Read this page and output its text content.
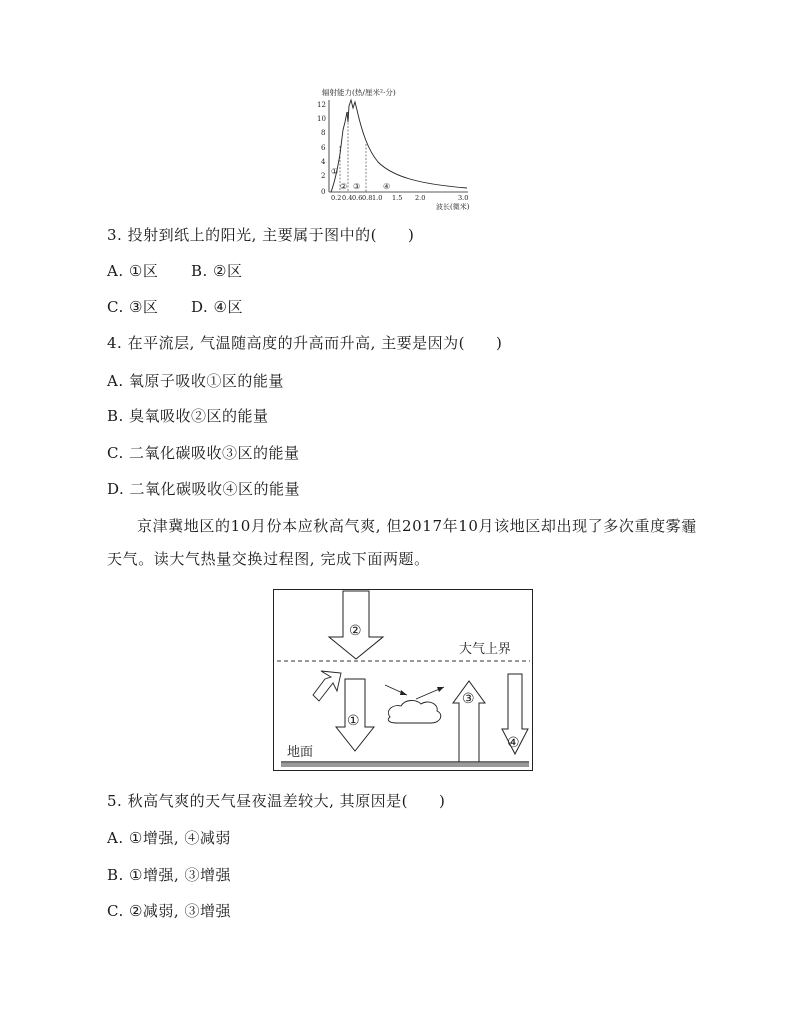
辐射能力(热/厘米²·分)
12
10
8
6
4
2
0
①
② ③	④
0.2 0.4 0.6 0.8 1.0 1.5 2.0	3.0
波长(微米)
3. 投射到纸上的阳光, 主要属于图中的(　　)
A. ①区 B. ②区
C. ③区 D. ④区
4. 在平流层, 气温随高度的升高而升高, 主要是因为(　　)
A. 氧原子吸收①区的能量
B. 臭氧吸收②区的能量
C. 二氧化碳吸收③区的能量
D. 二氧化碳吸收④区的能量
京津冀地区的10月份本应秋高气爽, 但2017年10月该地区却出现了多次重度雾霾天气。读大气热量交换过程图, 完成下面两题。
大气上界
②
①
③
④
地面
5. 秋高气爽的天气昼夜温差较大, 其原因是(　　)
A. ①增强, ④减弱
B. ①增强, ③增强
C. ②减弱, ③增强
